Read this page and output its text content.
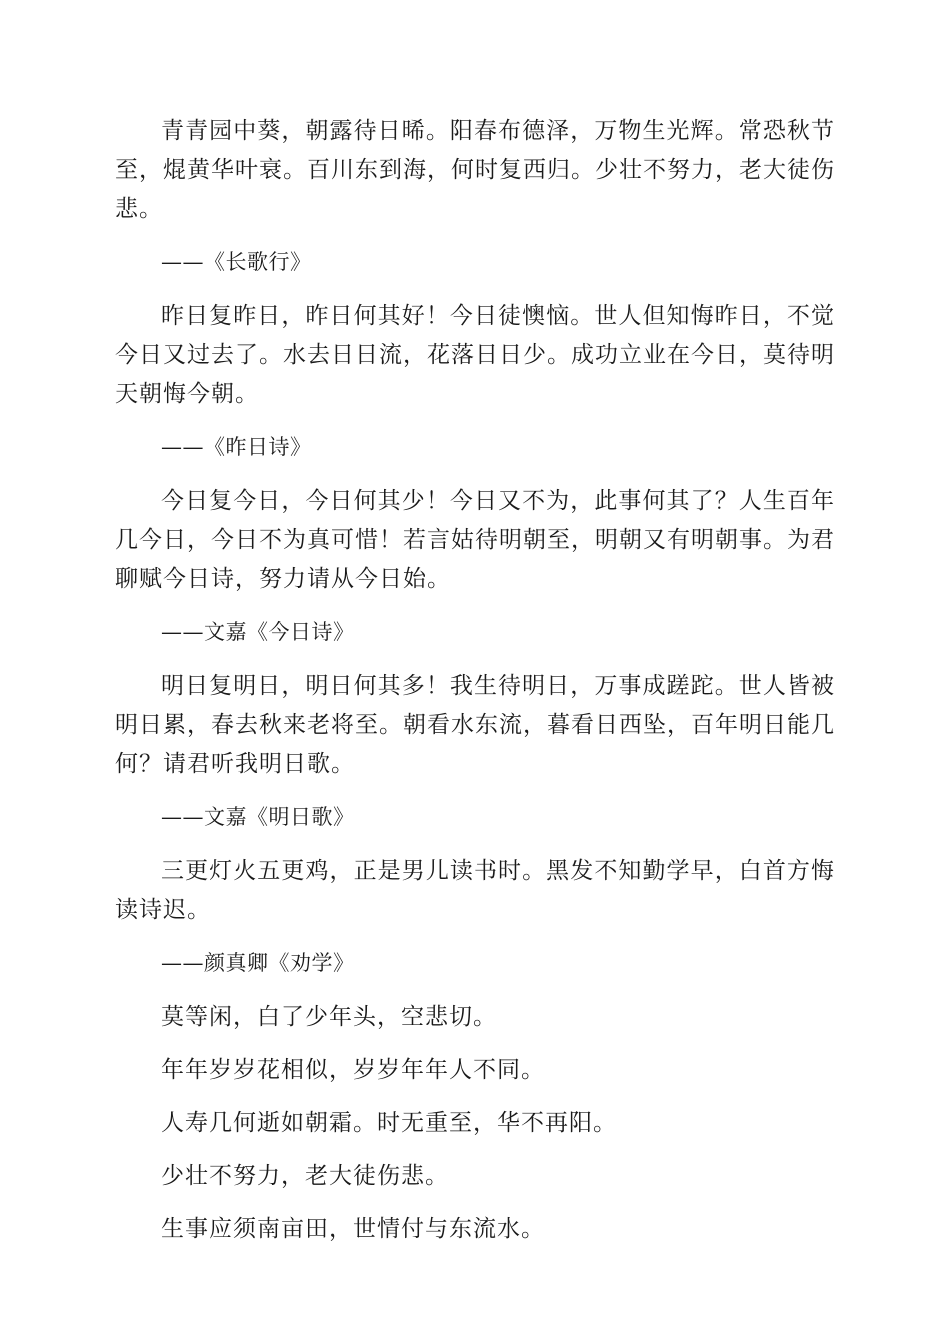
青青园中葵，朝露待日晞。阳春布德泽，万物生光辉。常恐秋节至，焜黄华叶衰。百川东到海，何时复西归。少壮不努力，老大徒伤悲。

——《长歌行》

昨日复昨日，昨日何其好！今日徒懊恼。世人但知悔昨日，不觉今日又过去了。水去日日流，花落日日少。成功立业在今日，莫待明天朝悔今朝。

——《昨日诗》

今日复今日，今日何其少！今日又不为，此事何其了？人生百年几今日，今日不为真可惜！若言姑待明朝至，明朝又有明朝事。为君聊赋今日诗，努力请从今日始。

——文嘉《今日诗》

明日复明日，明日何其多！我生待明日，万事成蹉跎。世人皆被明日累，春去秋来老将至。朝看水东流，暮看日西坠，百年明日能几何？请君听我明日歌。

——文嘉《明日歌》

三更灯火五更鸡，正是男儿读书时。黑发不知勤学早，白首方悔读诗迟。

——颜真卿《劝学》

莫等闲，白了少年头，空悲切。

年年岁岁花相似，岁岁年年人不同。

人寿几何逝如朝霜。时无重至，华不再阳。

少壮不努力，老大徒伤悲。

生事应须南亩田，世情付与东流水。
